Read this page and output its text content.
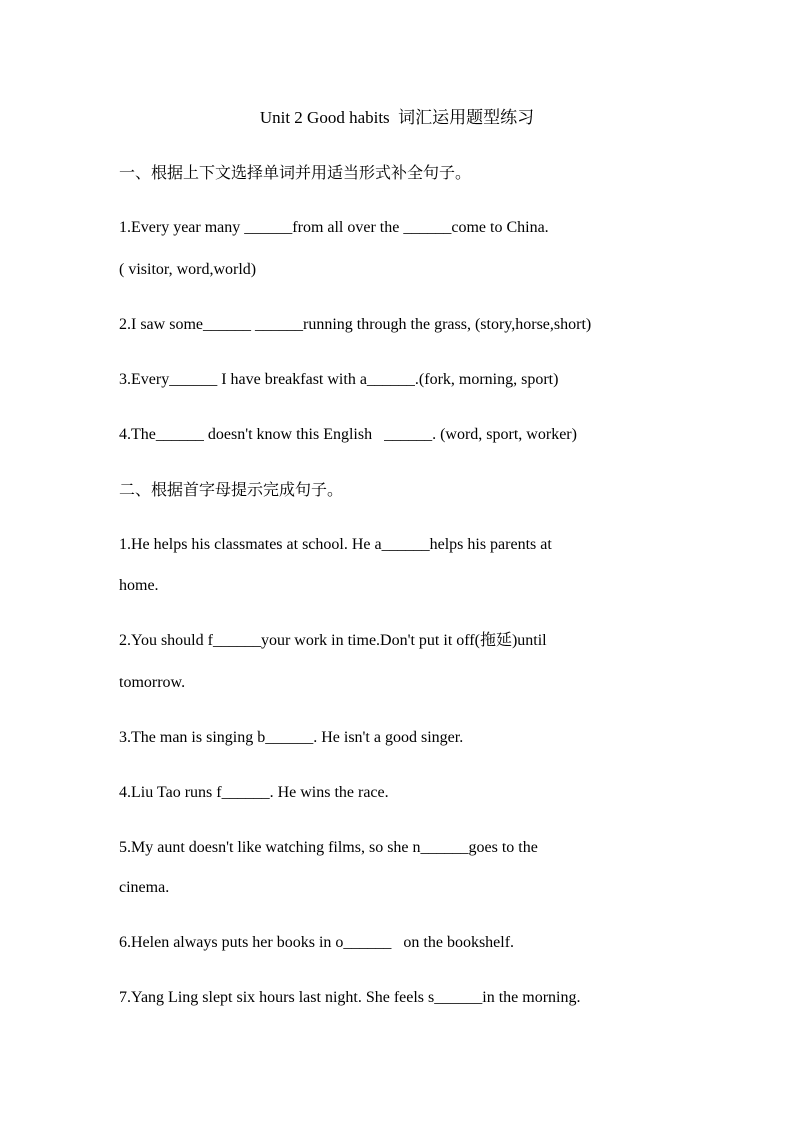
Unit 2 Good habits  词汇运用题型练习
一、根据上下文选择单词并用适当形式补全句子。
1.Every year many ______from all over the ______come to China.
( visitor, word,world)
2.I saw some______ ______running through the grass, (story,horse,short)
3.Every______ I have breakfast with a______.(fork, morning, sport)
4.The______ doesn't know this English   ______. (word, sport, worker)
二、根据首字母提示完成句子。
1.He helps his classmates at school. He a______helps his parents at
home.
2.You should f______your work in time.Don't put it off(拖延)until
tomorrow.
3.The man is singing b______. He isn't a good singer.
4.Liu Tao runs f______. He wins the race.
5.My aunt doesn't like watching films, so she n______goes to the
cinema.
6.Helen always puts her books in o______   on the bookshelf.
7.Yang Ling slept six hours last night. She feels s______in the morning.
